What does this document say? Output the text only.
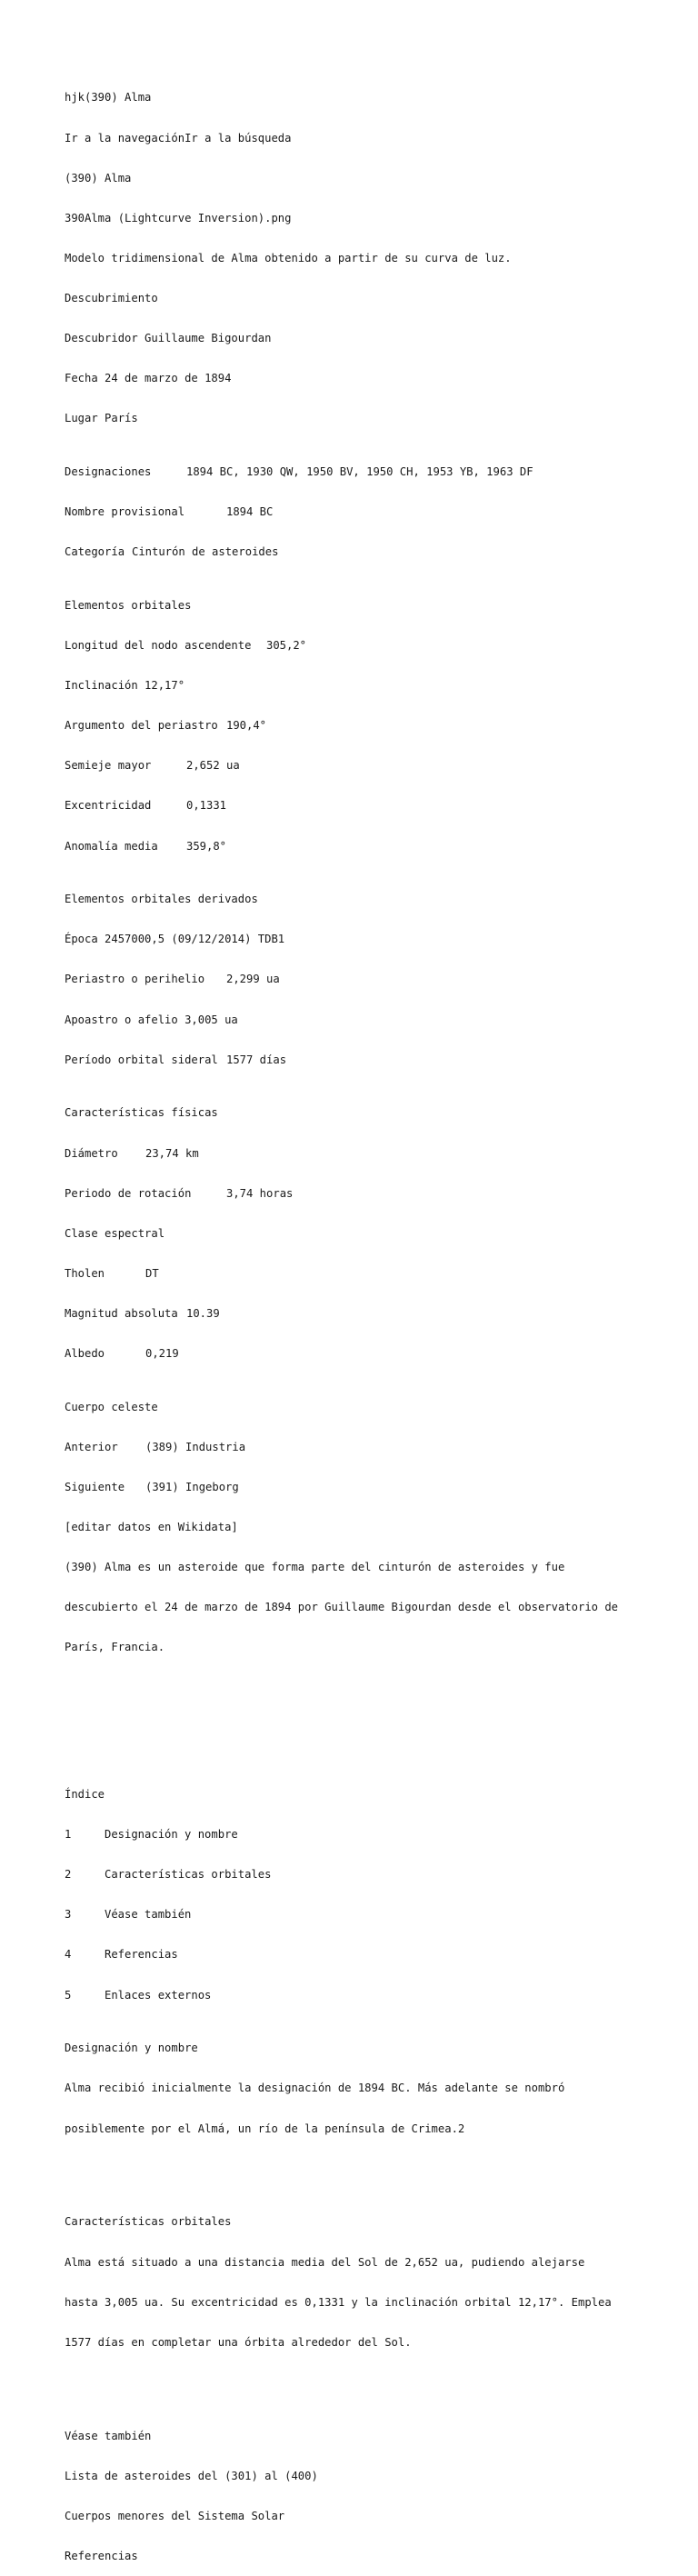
hjk(390) Alma

Ir a la navegaciónIr a la búsqueda

(390) Alma

390Alma (Lightcurve Inversion).png

Modelo tridimensional de Alma obtenido a partir de su curva de luz.

Descubrimiento

Descubridor Guillaume Bigourdan

Fecha 24 de marzo de 1894

Lugar París

Designaciones	1894 BC, 1930 QW, 1950 BV, 1950 CH, 1953 YB, 1963 DF

Nombre provisional	1894 BC

Categoría Cinturón de asteroides

Elementos orbitales

Longitud del nodo ascendente 305,2°

Inclinación 12,17°

Argumento del periastro 190,4°

Semieje mayor	2,652 ua

Excentricidad	0,1331

Anomalía media	359,8°

Elementos orbitales derivados

Época 2457000,5 (09/12/2014) TDB1

Periastro o perihelio 2,299 ua

Apoastro o afelio 3,005 ua

Período orbital sideral 1577 días

Características físicas

Diámetro 23,74 km

Periodo de rotación	3,74 horas

Clase espectral

Tholen	DT

Magnitud absoluta 10.39

Albedo	0,219

Cuerpo celeste

Anterior (389) Industria

Siguiente (391) Ingeborg

[editar datos en Wikidata]

(390) Alma es un asteroide que forma parte del cinturón de asteroides y fue

descubierto el 24 de marzo de 1894 por Guillaume Bigourdan desde el observatorio de

París, Francia.

Índice

1	Designación y nombre

2	Características orbitales

3	Véase también

4	Referencias

5	Enlaces externos

Designación y nombre

Alma recibió inicialmente la designación de 1894 BC. Más adelante se nombró

posiblemente por el Almá, un río de la península de Crimea.2

Características orbitales

Alma está situado a una distancia media del Sol de 2,652 ua, pudiendo alejarse

hasta 3,005 ua. Su excentricidad es 0,1331 y la inclinación orbital 12,17°. Emplea

1577 días en completar una órbita alrededor del Sol.

Véase también

Lista de asteroides del (301) al (400)

Cuerpos menores del Sistema Solar

Referencias
